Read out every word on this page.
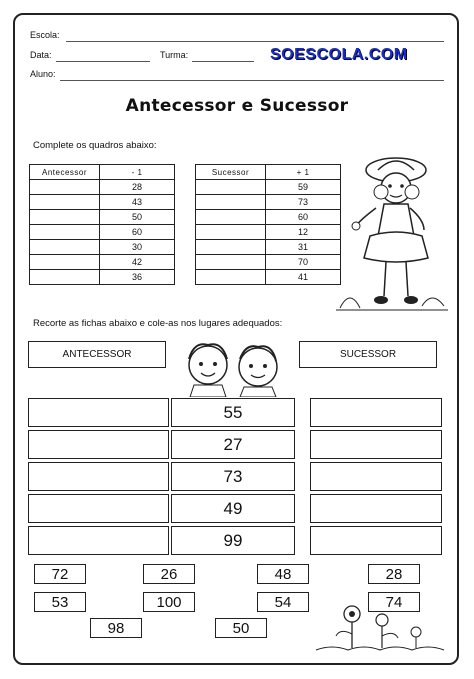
Escola:
Data:	Turma:
Aluno:
SOESCOLA.COM
Antecessor e Sucessor
Complete os quadros abaixo:
Antecessor	- 1
	28
	43
	50
	60
	30
	42
	36
Sucessor	+ 1
	59
	73
	60
	12
	31
	70
	41
Recorte as fichas abaixo e cole-as nos lugares adequados:
ANTECESSOR	SUCESSOR
55
27
73
49
99
72	26	48	28
53	100	54	74
98	50
